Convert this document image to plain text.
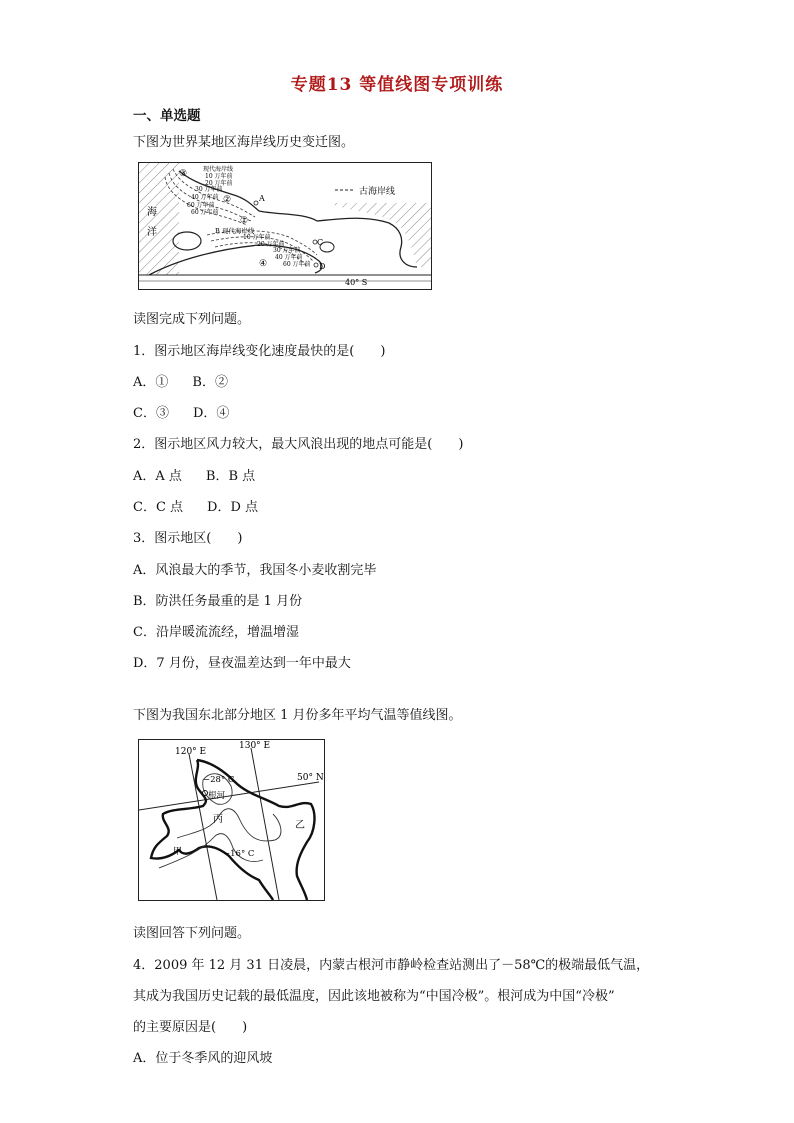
专题13 等值线图专项训练
一、单选题
下图为世界某地区海岸线历史变迁图。
古海岸线
海
洋
现代海岸线
10 万年前
20 万年前
30 万年前
40 万年前
60 万年前
60 万年前
B 现代海岸线
10 万年前
20 万年前
30 万年前
40 万年前
60 万年前
A
C
D
①
②
③
④
40° S
读图完成下列问题。
1．图示地区海岸线变化速度最快的是(　　)
A．① B．②
C．③ D．④
2．图示地区风力较大，最大风浪出现的地点可能是(　　)
A．A 点 B．B 点
C．C 点 D．D 点
3．图示地区(　　)
A．风浪最大的季节，我国冬小麦收割完毕
B．防洪任务最重的是 1 月份
C．沿岸暖流流经，增温增湿
D．7 月份，昼夜温差达到一年中最大
下图为我国东北部分地区 1 月份多年平均气温等值线图。
120° E
130° E
50° N
−28° C
−16° C
根河
甲
乙
丙
读图回答下列问题。
4．2009 年 12 月 31 日凌晨，内蒙古根河市静岭检查站测出了－58℃的极端最低气温，
其成为我国历史记载的最低温度，因此该地被称为“中国冷极”。根河成为中国“冷极”
的主要原因是(　　)
A．位于冬季风的迎风坡
